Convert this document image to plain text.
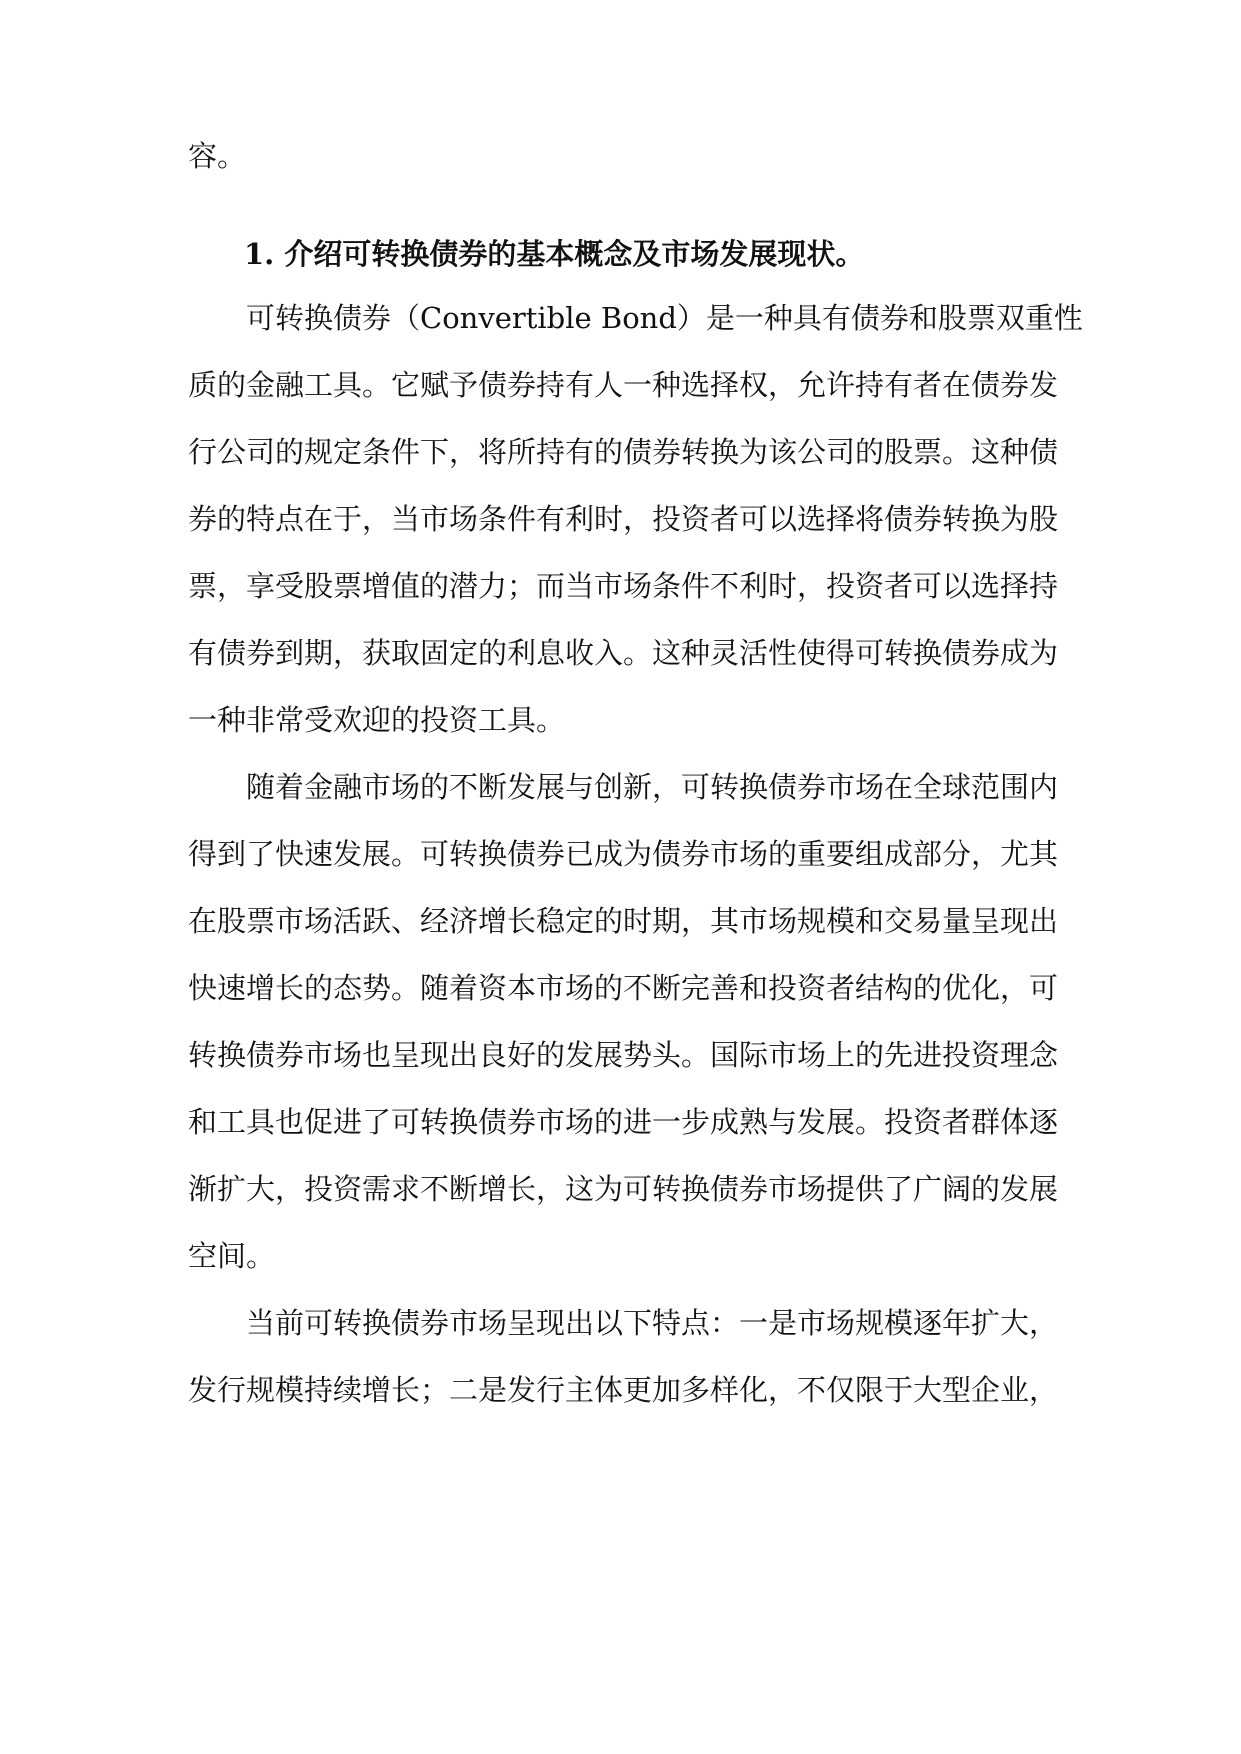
容。
1. 介绍可转换债券的基本概念及市场发展现状。
可转换债券（Convertible Bond）是一种具有债券和股票双重性
质的金融工具。它赋予债券持有人一种选择权，允许持有者在债券发
行公司的规定条件下，将所持有的债券转换为该公司的股票。这种债
券的特点在于，当市场条件有利时，投资者可以选择将债券转换为股
票，享受股票增值的潜力；而当市场条件不利时，投资者可以选择持
有债券到期，获取固定的利息收入。这种灵活性使得可转换债券成为
一种非常受欢迎的投资工具。
随着金融市场的不断发展与创新，可转换债券市场在全球范围内
得到了快速发展。可转换债券已成为债券市场的重要组成部分，尤其
在股票市场活跃、经济增长稳定的时期，其市场规模和交易量呈现出
快速增长的态势。随着资本市场的不断完善和投资者结构的优化，可
转换债券市场也呈现出良好的发展势头。国际市场上的先进投资理念
和工具也促进了可转换债券市场的进一步成熟与发展。投资者群体逐
渐扩大，投资需求不断增长，这为可转换债券市场提供了广阔的发展
空间。
当前可转换债券市场呈现出以下特点：一是市场规模逐年扩大，
发行规模持续增长；二是发行主体更加多样化，不仅限于大型企业，
